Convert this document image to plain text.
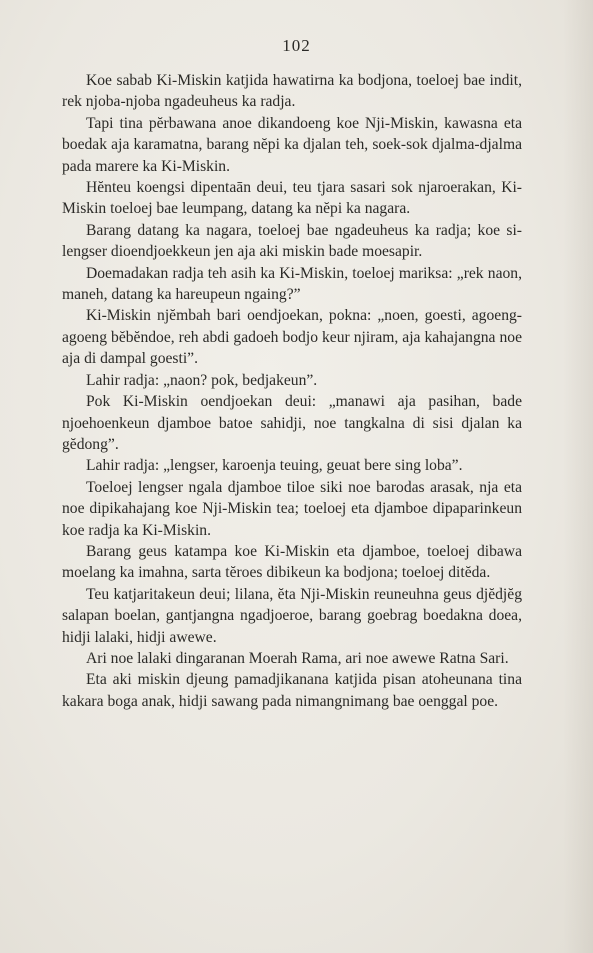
102

Koe sabab Ki-Miskin katjida hawatirna ka bodjona, toeloej bae indit, rek njoba-njoba ngadeuheus ka radja.

Tapi tina pĕrbawana anoe dikandoeng koe Nji-Miskin, kawasna eta boedak aja karamatna, barang nĕpi ka djalan teh, soek-sok djalma-djalma pada marere ka Ki-Miskin.

Hĕnteu koengsi dipentaān deui, teu tjara sasari sok njaroerakan, Ki-Miskin toeloej bae leumpang, datang ka nĕpi ka nagara.

Barang datang ka nagara, toeloej bae ngadeuheus ka radja; koe si-lengser dioendjoekkeun jen aja aki miskin bade moesapir.

Doemadakan radja teh asih ka Ki-Miskin, toeloej mariksa: „rek naon, maneh, datang ka hareupeun ngaing?”

Ki-Miskin njĕmbah bari oendjoekan, pokna: „noen, goesti, agoeng-agoeng bĕbĕndoe, reh abdi gadoeh bodjo keur njiram, aja kahajangna noe aja di dampal goesti”.

Lahir radja: „naon? pok, bedjakeun”.

Pok Ki-Miskin oendjoekan deui: „manawi aja pasihan, bade njoehoenkeun djamboe batoe sahidji, noe tangkalna di sisi djalan ka gĕdong”.

Lahir radja: „lengser, karoenja teuing, geuat bere sing loba”.

Toeloej lengser ngala djamboe tiloe siki noe barodas arasak, nja eta noe dipikahajang koe Nji-Miskin tea; toeloej eta djamboe dipaparinkeun koe radja ka Ki-Miskin.

Barang geus katampa koe Ki-Miskin eta djamboe, toeloej dibawa moelang ka imahna, sarta tĕroes dibikeun ka bodjona; toeloej ditĕda.

Teu katjaritakeun deui; lilana, ĕta Nji-Miskin reuneuhna geus djĕdjĕg salapan boelan, gantjangna ngadjoeroe, barang goebrag boedakna doea, hidji lalaki, hidji awewe.

Ari noe lalaki dingaranan Moerah Rama, ari noe awewe Ratna Sari.

Eta aki miskin djeung pamadjikanana katjida pisan atoheunana tina kakara boga anak, hidji sawang pada nimangnimang bae oenggal poe.
